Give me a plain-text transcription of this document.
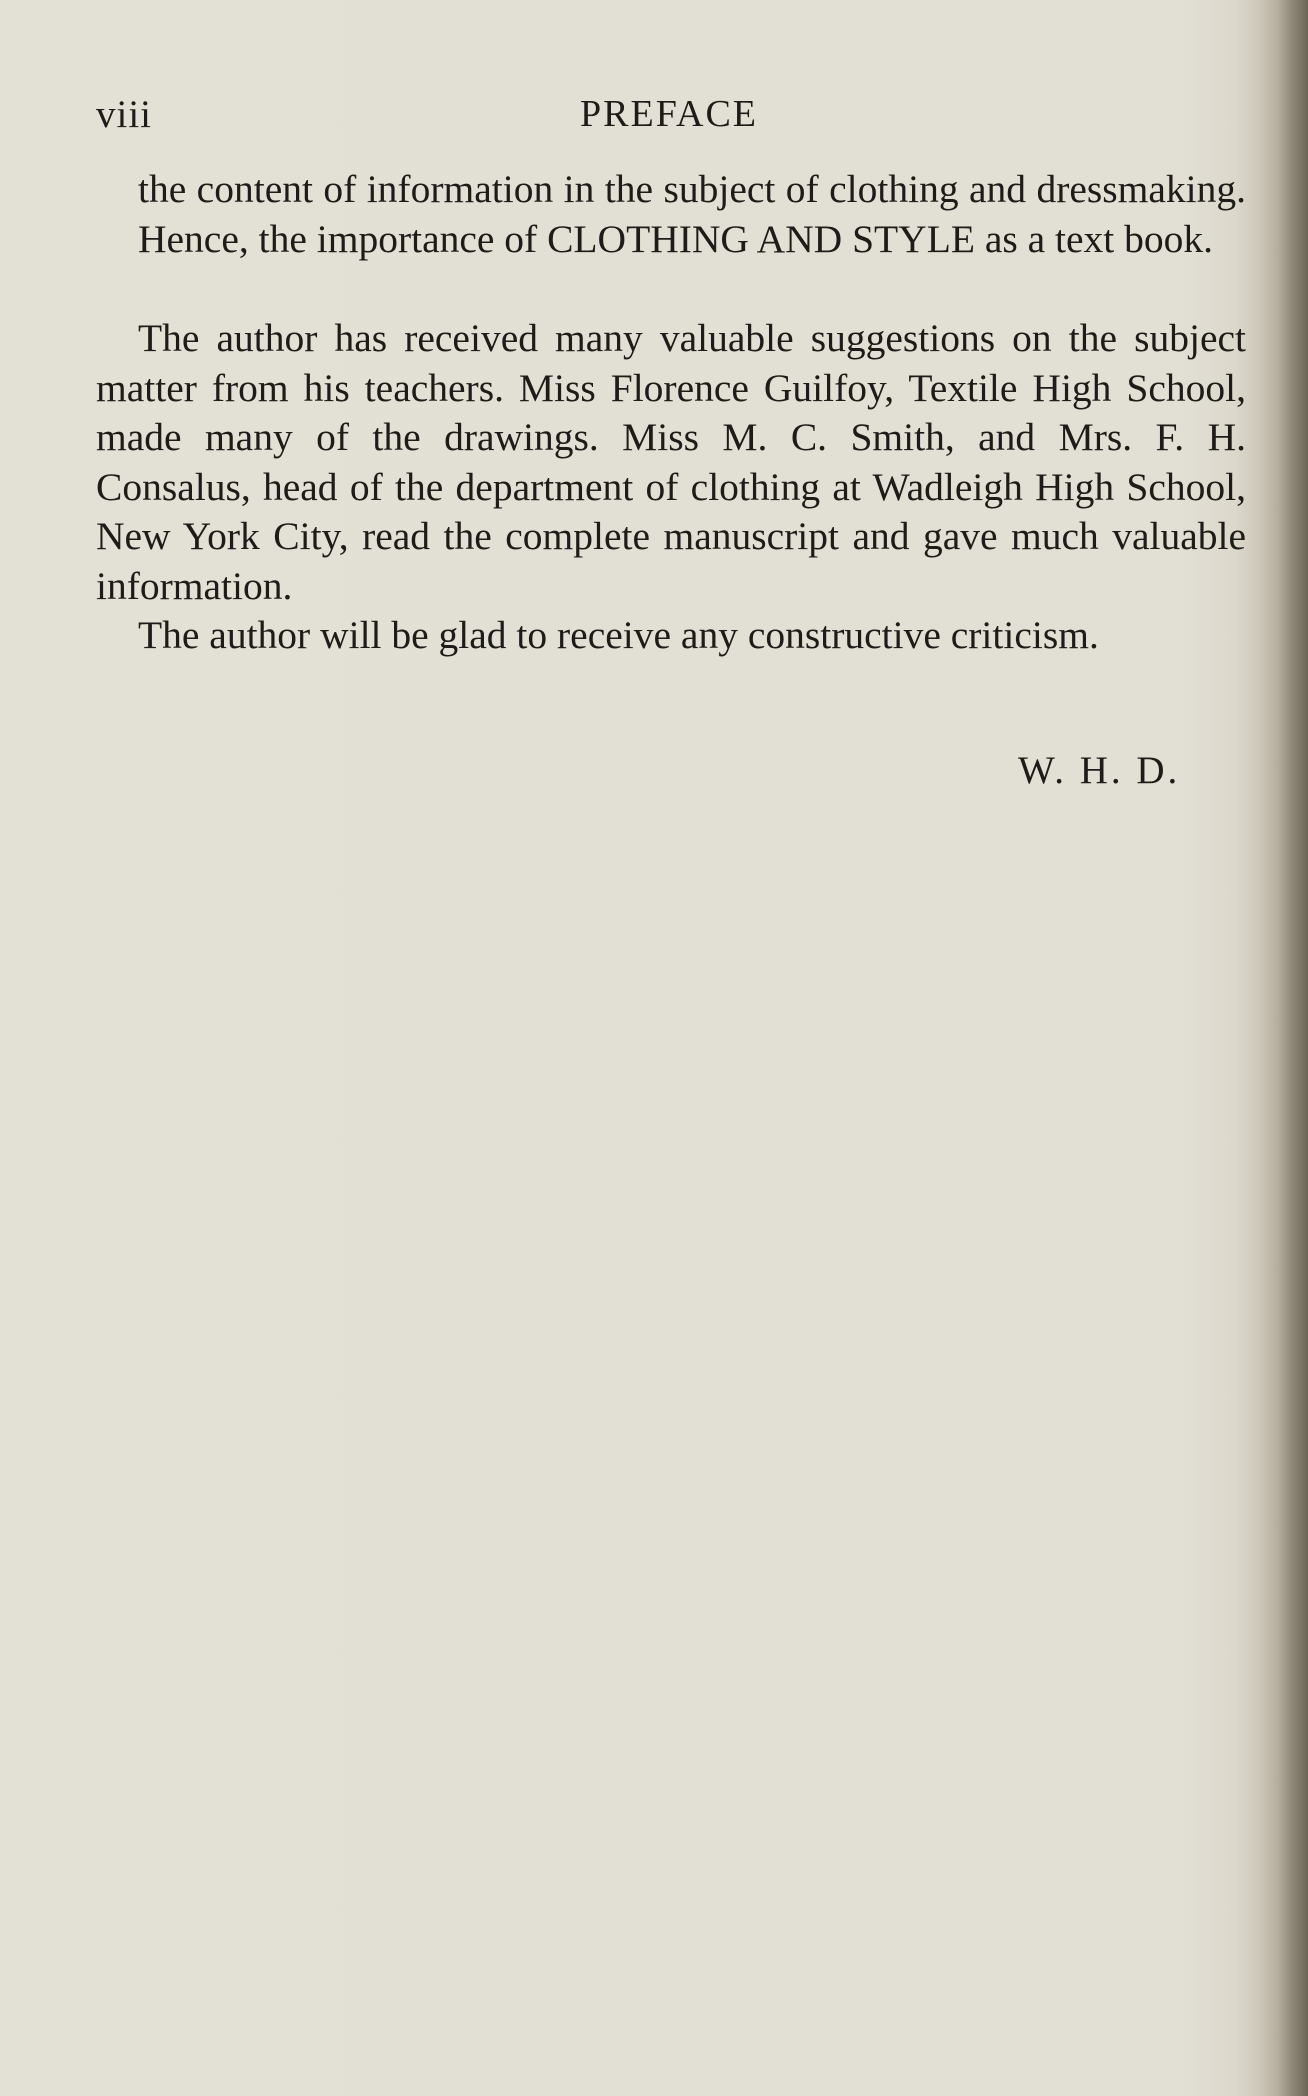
viii	PREFACE

the content of information in the subject of clothing and dressmaking. Hence, the importance of CLOTHING AND STYLE as a text book.

The author has received many valuable suggestions on the subject matter from his teachers. Miss Florence Guilfoy, Textile High School, made many of the drawings. Miss M. C. Smith, and Mrs. F. H. Consalus, head of the department of clothing at Wadleigh High School, New York City, read the complete manuscript and gave much valuable information.

The author will be glad to receive any constructive criticism.

W. H. D.
